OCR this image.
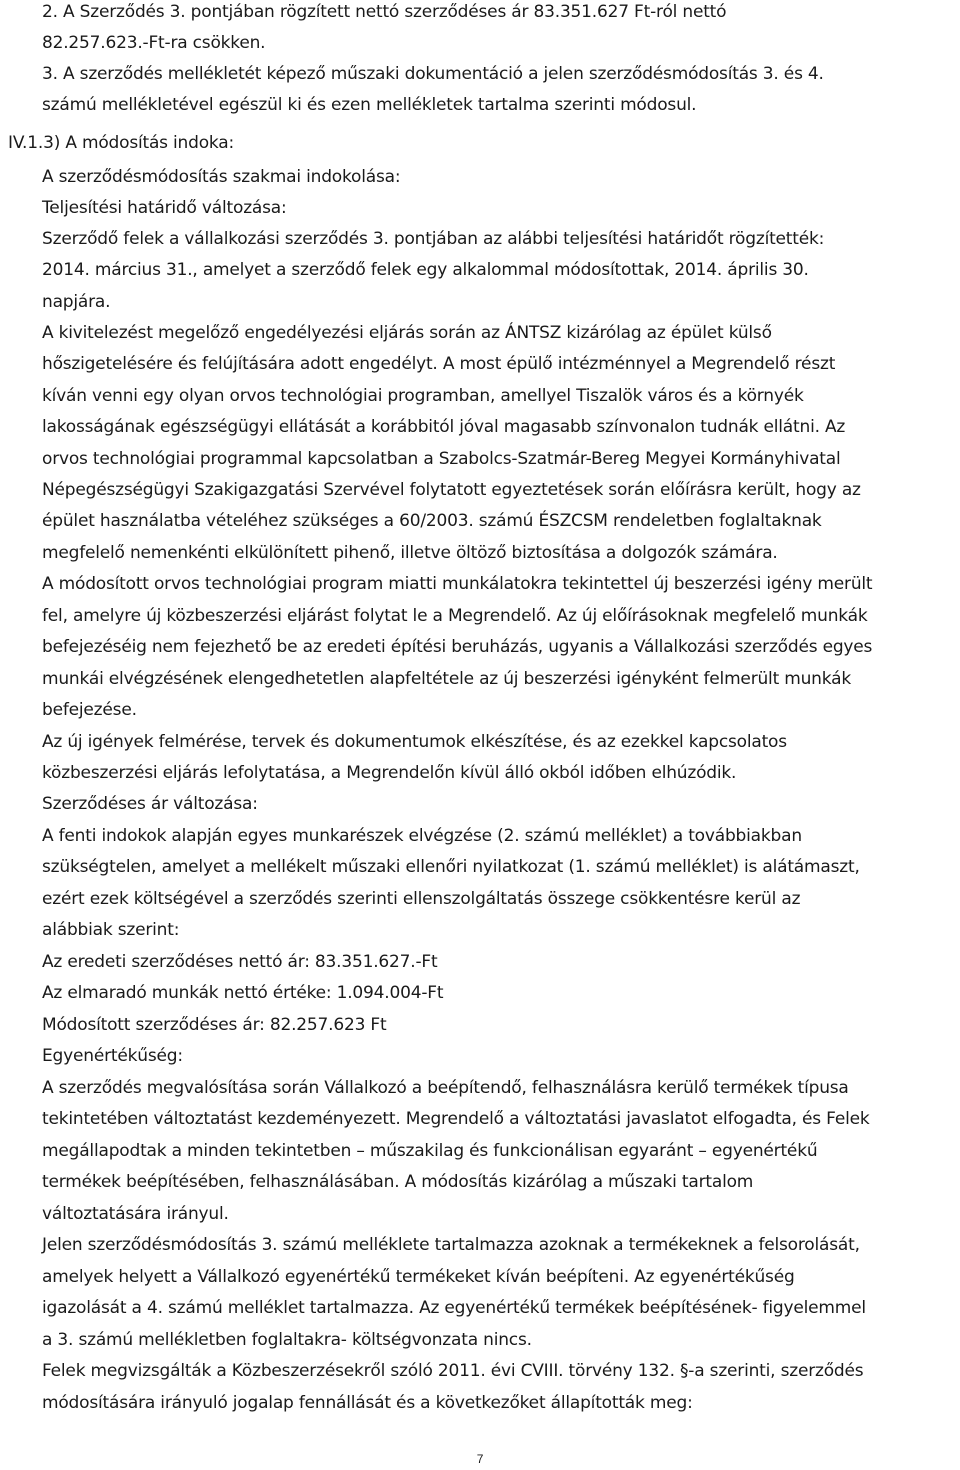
2. A Szerződés 3. pontjában rögzített nettó szerződéses ár 83.351.627 Ft-ról nettó
82.257.623.-Ft-ra csökken.
3. A szerződés mellékletét képező műszaki dokumentáció a jelen szerződésmódosítás 3. és 4.
számú mellékletével egészül ki és ezen mellékletek tartalma szerinti módosul.
IV.1.3) A módosítás indoka:
A szerződésmódosítás szakmai indokolása:
Teljesítési határidő változása:
Szerződő felek a vállalkozási szerződés 3. pontjában az alábbi teljesítési határidőt rögzítették:
2014. március 31., amelyet a szerződő felek egy alkalommal módosítottak, 2014. április 30.
napjára.
A kivitelezést megelőző engedélyezési eljárás során az ÁNTSZ kizárólag az épület külső
hőszigetelésére és felújítására adott engedélyt. A most épülő intézménnyel a Megrendelő részt
kíván venni egy olyan orvos technológiai programban, amellyel Tiszalök város és a környék
lakosságának egészségügyi ellátását a korábbitól jóval magasabb színvonalon tudnák ellátni. Az
orvos technológiai programmal kapcsolatban a Szabolcs-Szatmár-Bereg Megyei Kormányhivatal
Népegészségügyi Szakigazgatási Szervével folytatott egyeztetések során előírásra került, hogy az
épület használatba vételéhez szükséges a 60/2003. számú ÉSZCSM rendeletben foglaltaknak
megfelelő nemenkénti elkülönített pihenő, illetve öltöző biztosítása a dolgozók számára.
A módosított orvos technológiai program miatti munkálatokra tekintettel új beszerzési igény merült
fel, amelyre új közbeszerzési eljárást folytat le a Megrendelő. Az új előírásoknak megfelelő munkák
befejezéséig nem fejezhető be az eredeti építési beruházás, ugyanis a Vállalkozási szerződés egyes
munkái elvégzésének elengedhetetlen alapfeltétele az új beszerzési igényként felmerült munkák
befejezése.
Az új igények felmérése, tervek és dokumentumok elkészítése, és az ezekkel kapcsolatos
közbeszerzési eljárás lefolytatása, a Megrendelőn kívül álló okból időben elhúzódik.
Szerződéses ár változása:
A fenti indokok alapján egyes munkarészek elvégzése (2. számú melléklet) a továbbiakban
szükségtelen, amelyet a mellékelt műszaki ellenőri nyilatkozat (1. számú melléklet) is alátámaszt,
ezért ezek költségével a szerződés szerinti ellenszolgáltatás összege csökkentésre kerül az
alábbiak szerint:
Az eredeti szerződéses nettó ár: 83.351.627.-Ft
Az elmaradó munkák nettó értéke: 1.094.004-Ft
Módosított szerződéses ár: 82.257.623 Ft
Egyenértékűség:
A szerződés megvalósítása során Vállalkozó a beépítendő, felhasználásra kerülő termékek típusa
tekintetében változtatást kezdeményezett. Megrendelő a változtatási javaslatot elfogadta, és Felek
megállapodtak a minden tekintetben – műszakilag és funkcionálisan egyaránt – egyenértékű
termékek beépítésében, felhasználásában. A módosítás kizárólag a műszaki tartalom
változtatására irányul.
Jelen szerződésmódosítás 3. számú melléklete tartalmazza azoknak a termékeknek a felsorolását,
amelyek helyett a Vállalkozó egyenértékű termékeket kíván beépíteni. Az egyenértékűség
igazolását a 4. számú melléklet tartalmazza. Az egyenértékű termékek beépítésének- figyelemmel
a 3. számú mellékletben foglaltakra- költségvonzata nincs.
Felek megvizsgálták a Közbeszerzésekről szóló 2011. évi CVIII. törvény 132. §-a szerinti, szerződés
módosítására irányuló jogalap fennállását és a következőket állapították meg:
7
